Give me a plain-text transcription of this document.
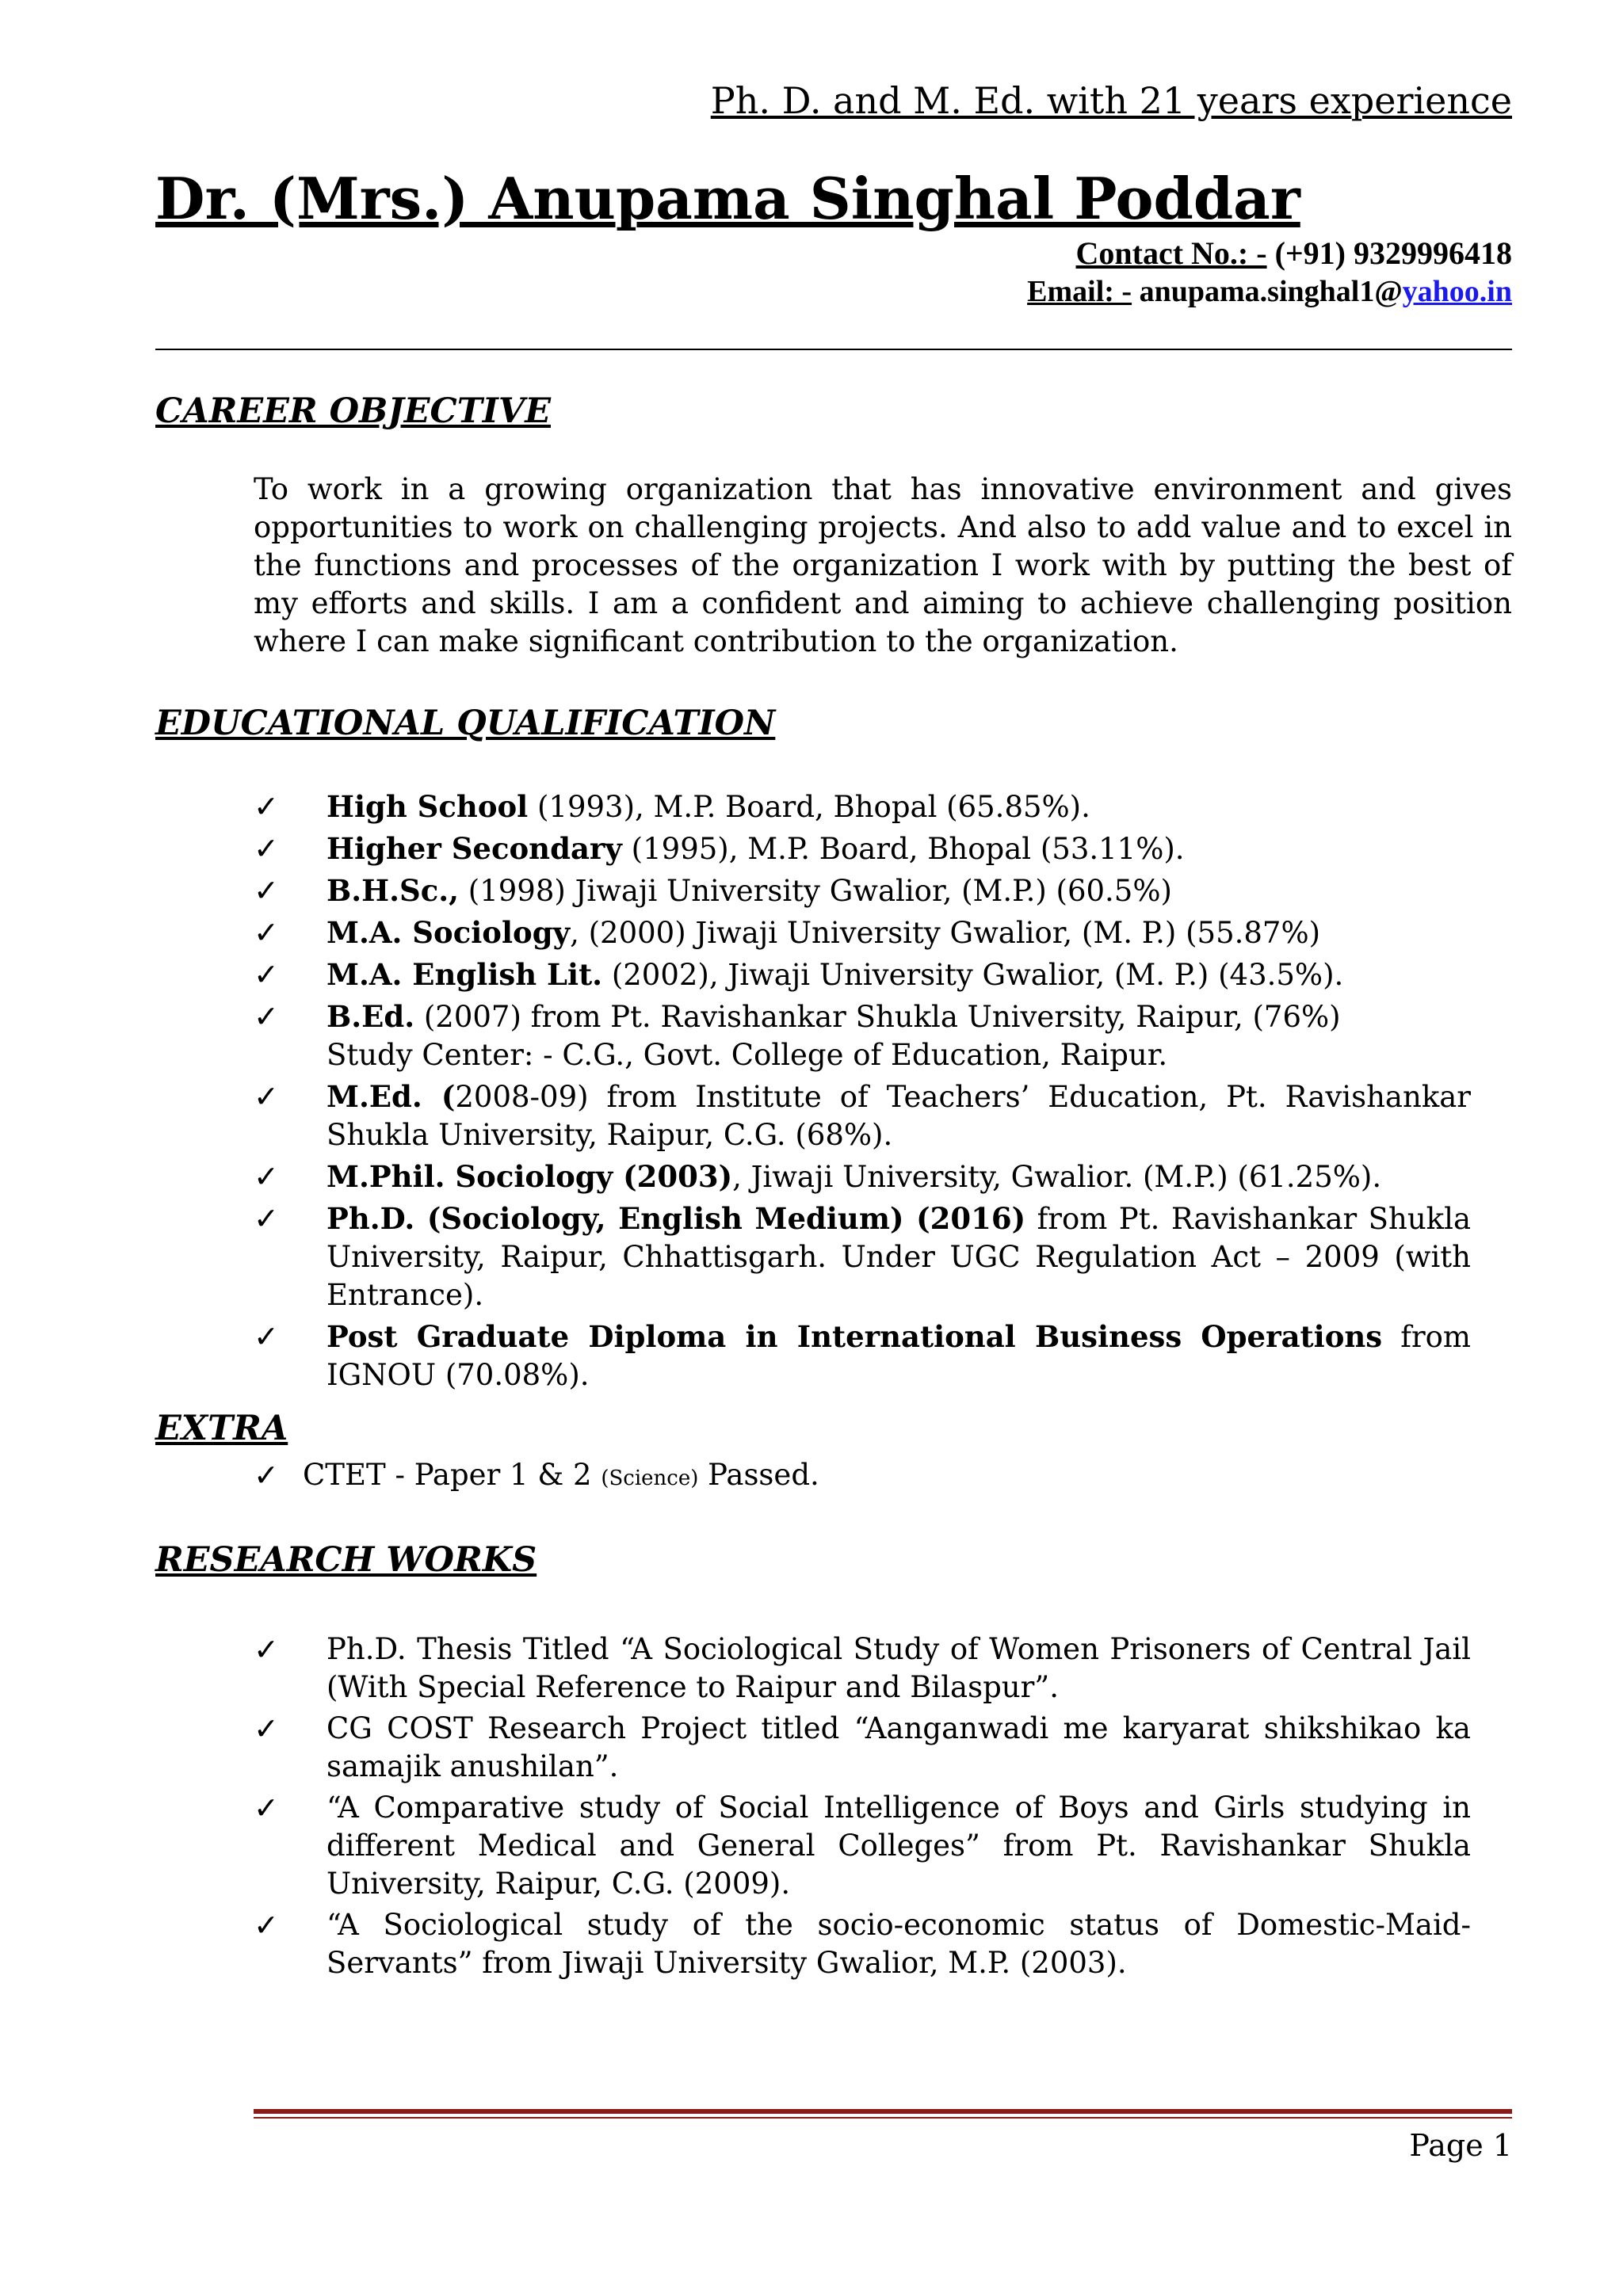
Ph. D. and M. Ed. with 21 years experience
Dr. (Mrs.) Anupama Singhal Poddar
Contact No.: - (+91) 9329996418
Email: - anupama.singhal1@yahoo.in
CAREER OBJECTIVE

To work in a growing organization that has innovative environment and gives opportunities to work on challenging projects. And also to add value and to excel in the functions and processes of the organization I work with by putting the best of my efforts and skills. I am a confident and aiming to achieve challenging position where I can make significant contribution to the organization.

EDUCATIONAL QUALIFICATION
✓ High School (1993), M.P. Board, Bhopal (65.85%).
✓ Higher Secondary (1995), M.P. Board, Bhopal (53.11%).
✓ B.H.Sc., (1998) Jiwaji University Gwalior, (M.P.) (60.5%)
✓ M.A. Sociology, (2000) Jiwaji University Gwalior, (M. P.) (55.87%)
✓ M.A. English Lit. (2002), Jiwaji University Gwalior, (M. P.) (43.5%).
✓ B.Ed. (2007) from Pt. Ravishankar Shukla University, Raipur, (76%)
Study Center: - C.G., Govt. College of Education, Raipur.
✓ M.Ed. (2008-09) from Institute of Teachers’ Education, Pt. Ravishankar Shukla University, Raipur, C.G. (68%).
✓ M.Phil. Sociology (2003), Jiwaji University, Gwalior. (M.P.) (61.25%).
✓ Ph.D. (Sociology, English Medium) (2016) from Pt. Ravishankar Shukla University, Raipur, Chhattisgarh. Under UGC Regulation Act – 2009 (with Entrance).
✓ Post Graduate Diploma in International Business Operations from IGNOU (70.08%).
EXTRA
✓ CTET - Paper 1 & 2 (Science) Passed.
RESEARCH WORKS
✓ Ph.D. Thesis Titled “A Sociological Study of Women Prisoners of Central Jail (With Special Reference to Raipur and Bilaspur”.
✓ CG COST Research Project titled “Aanganwadi me karyarat shikshikao ka samajik anushilan”.
✓ “A Comparative study of Social Intelligence of Boys and Girls studying in different Medical and General Colleges” from Pt. Ravishankar Shukla University, Raipur, C.G. (2009).
✓ “A Sociological study of the socio-economic status of Domestic-Maid-Servants” from Jiwaji University Gwalior, M.P. (2003).
Page 1
